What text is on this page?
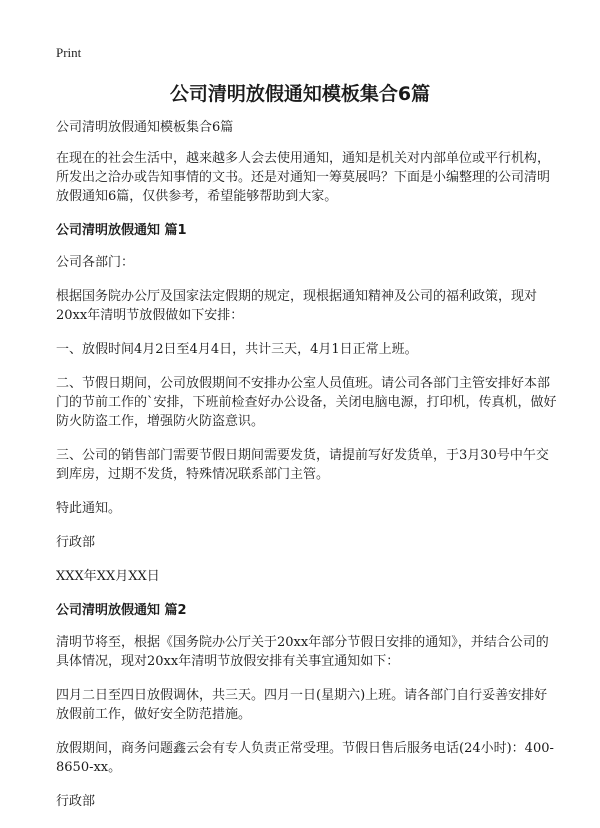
Print
公司清明放假通知模板集合6篇

公司清明放假通知模板集合6篇

在现在的社会生活中，越来越多人会去使用通知，通知是机关对内部单位或平行机构，所发出之洽办或告知事情的文书。还是对通知一筹莫展吗？下面是小编整理的公司清明放假通知6篇，仅供参考，希望能够帮助到大家。

公司清明放假通知 篇1

公司各部门：

根据国务院办公厅及国家法定假期的规定，现根据通知精神及公司的福利政策，现对20xx年清明节放假做如下安排：

一、放假时间4月2日至4月4日，共计三天，4月1日正常上班。

二、节假日期间，公司放假期间不安排办公室人员值班。请公司各部门主管安排好本部门的节前工作的`安排，下班前检查好办公设备，关闭电脑电源，打印机，传真机，做好防火防盗工作，增强防火防盗意识。

三、公司的销售部门需要节假日期间需要发货，请提前写好发货单，于3月30号中午交到库房，过期不发货，特殊情况联系部门主管。

特此通知。

行政部

XXX年XX月XX日

公司清明放假通知 篇2

清明节将至，根据《国务院办公厅关于20xx年部分节假日安排的通知》，并结合公司的具体情况，现对20xx年清明节放假安排有关事宜通知如下：

四月二日至四日放假调休，共三天。四月一日(星期六)上班。请各部门自行妥善安排好放假前工作，做好安全防范措施。

放假期间，商务问题鑫云会有专人负责正常受理。节假日售后服务电话(24小时)：400-8650-xx。

行政部
